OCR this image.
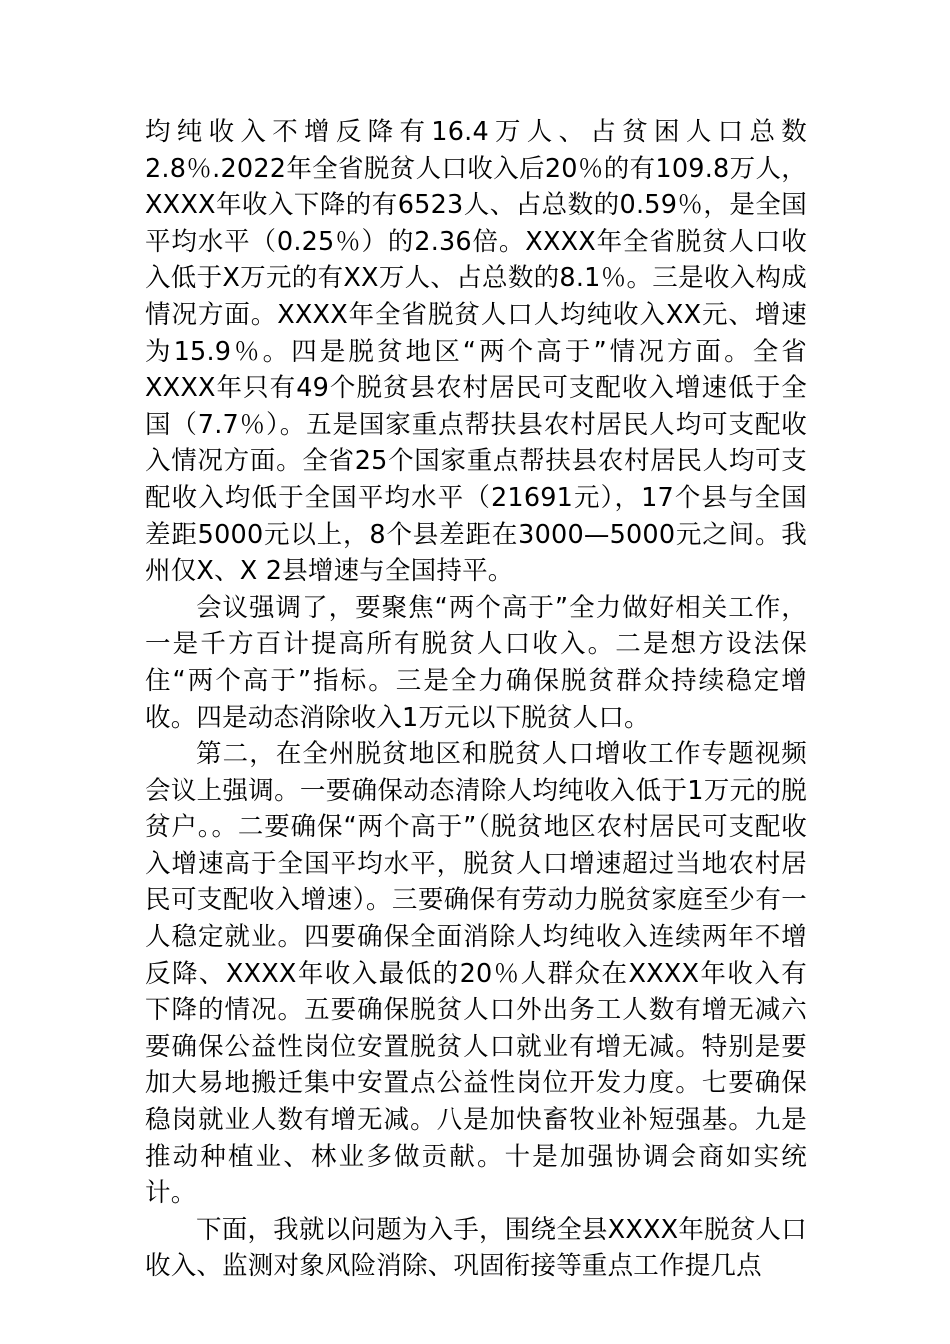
均纯收入不增反降有16.4万人、占贫困人口总数2.8％.2022年全省脱贫人口收入后20％的有109.8万人，XXXX年收入下降的有6523人、占总数的0.59％，是全国平均水平（0.25％）的2.36倍。XXXX年全省脱贫人口收入低于X万元的有XX万人、占总数的8.1％。三是收入构成情况方面。XXXX年全省脱贫人口人均纯收入XX元、增速为15.9％。四是脱贫地区“两个高于”情况方面。全省XXXX年只有49个脱贫县农村居民可支配收入增速低于全国（7.7％）。五是国家重点帮扶县农村居民人均可支配收入情况方面。全省25个国家重点帮扶县农村居民人均可支配收入均低于全国平均水平（21691元），17个县与全国差距5000元以上，8个县差距在3000—5000元之间。我州仅X、X 2县增速与全国持平。

会议强调了，要聚焦“两个高于”全力做好相关工作，一是千方百计提高所有脱贫人口收入。二是想方设法保住“两个高于”指标。三是全力确保脱贫群众持续稳定增收。四是动态消除收入1万元以下脱贫人口。

第二，在全州脱贫地区和脱贫人口增收工作专题视频会议上强调。一要确保动态清除人均纯收入低于1万元的脱贫户。。二要确保“两个高于”（脱贫地区农村居民可支配收入增速高于全国平均水平，脱贫人口增速超过当地农村居民可支配收入增速）。三要确保有劳动力脱贫家庭至少有一人稳定就业。四要确保全面消除人均纯收入连续两年不增反降、XXXX年收入最低的20％人群众在XXXX年收入有下降的情况。五要确保脱贫人口外出务工人数有增无减六要确保公益性岗位安置脱贫人口就业有增无减。特别是要加大易地搬迁集中安置点公益性岗位开发力度。七要确保稳岗就业人数有增无减。八是加快畜牧业补短强基。九是推动种植业、林业多做贡献。十是加强协调会商如实统计。

下面，我就以问题为入手，围绕全县XXXX年脱贫人口收入、监测对象风险消除、巩固衔接等重点工作提几点
